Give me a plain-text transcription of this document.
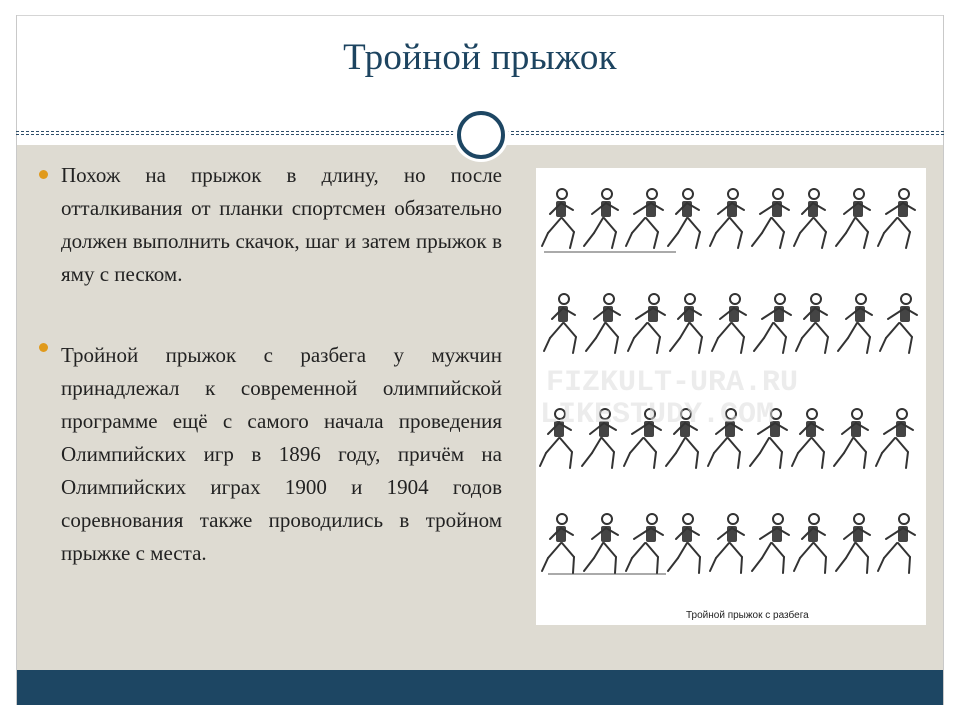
Тройной прыжок
Похож на прыжок в длину, но после отталкивания от планки спортсмен обязательно должен выполнить скачок, шаг и затем прыжок в яму с песком.
Тройной прыжок с разбега у мужчин принадлежал к современной олимпийской программе ещё с самого начала проведения Олимпийских игр в 1896 году, причём на Олимпийских играх 1900 и 1904 годов соревнования также проводились в тройном прыжке с места.
FIZKULT-URA.RU
LIKESTUDY.COM
Тройной прыжок с разбега
